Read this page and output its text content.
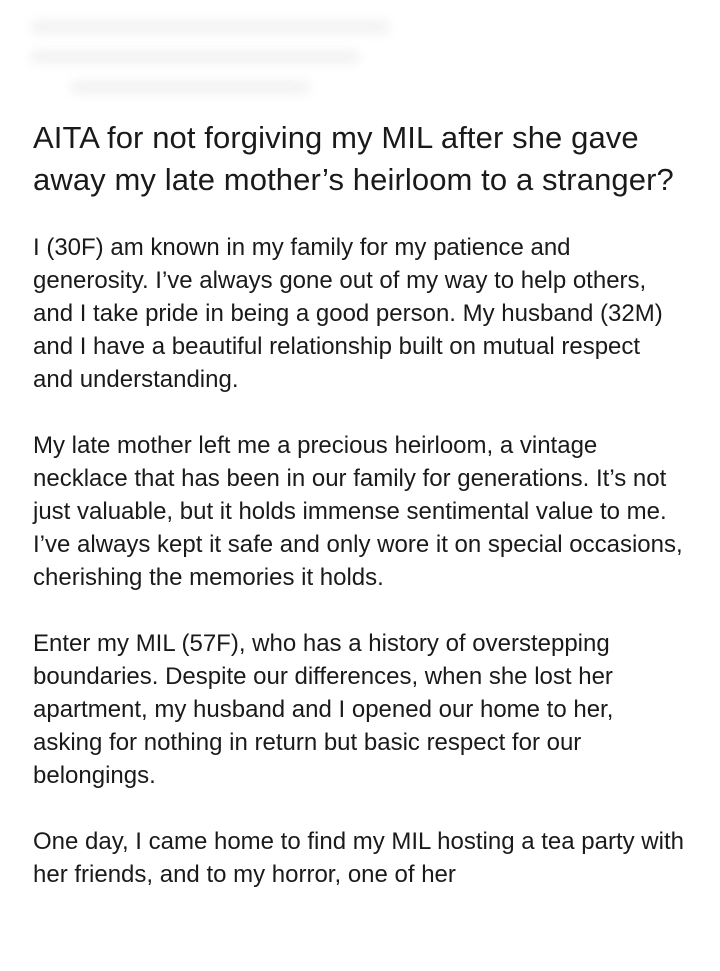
AITA for not forgiving my MIL after she gave away my late mother’s heirloom to a stranger?

I (30F) am known in my family for my patience and generosity. I’ve always gone out of my way to help others, and I take pride in being a good person. My husband (32M) and I have a beautiful relationship built on mutual respect and understanding.

My late mother left me a precious heirloom, a vintage necklace that has been in our family for generations. It’s not just valuable, but it holds immense sentimental value to me. I’ve always kept it safe and only wore it on special occasions, cherishing the memories it holds.

Enter my MIL (57F), who has a history of overstepping boundaries. Despite our differences, when she lost her apartment, my husband and I opened our home to her, asking for nothing in return but basic respect for our belongings.

One day, I came home to find my MIL hosting a tea party with her friends, and to my horror, one of her
